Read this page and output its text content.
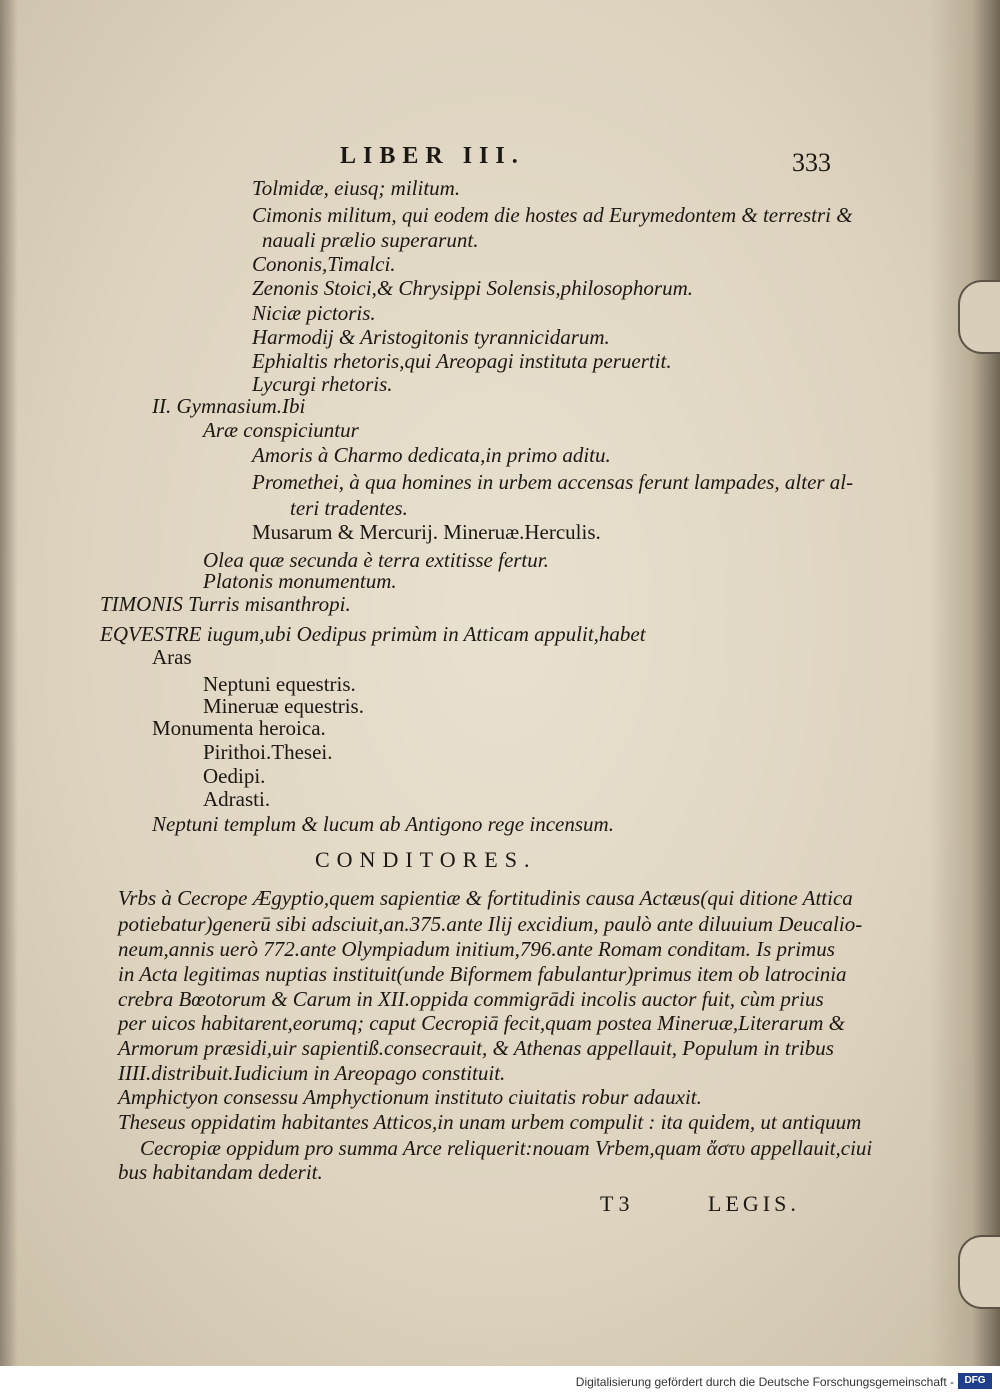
LIBER III.	333
Tolmidæ, eiusq; militum.
Cimonis militum, qui eodem die hostes ad Eurymedontem & terrestri &
nauali prælio superarunt.
Cononis,Timalci.
Zenonis Stoici,& Chrysippi Solensis,philosophorum.
Niciæ pictoris.
Harmodij & Aristogitonis tyrannicidarum.
Ephialtis rhetoris,qui Areopagi instituta peruertit.
Lycurgi rhetoris.
II. Gymnasium.Ibi
Aræ conspiciuntur
Amoris à Charmo dedicata,in primo aditu.
Promethei, à qua homines in urbem accensas ferunt lampades, alter al-
teri tradentes.
Musarum & Mercurij. Mineruæ.Herculis.
Olea quæ secunda è terra extitisse fertur.
Platonis monumentum.
TIMONIS Turris misanthropi.
EQVESTRE iugum,ubi Oedipus primùm in Atticam appulit,habet
Aras
Neptuni equestris.
Mineruæ equestris.
Monumenta heroica.
Pirithoi.Thesei.
Oedipi.
Adrasti.
Neptuni templum & lucum ab Antigono rege incensum.
Vrbs à Cecrope Ægyptio,quem sapientiæ & fortitudinis causa Actæus(qui ditione Attica
potiebatur)generū sibi adsciuit,an.375.ante Ilij excidium, paulò ante diluuium Deucalio-
neum,annis uerò 772.ante Olympiadum initium,796.ante Romam conditam. Is primus
in Acta legitimas nuptias instituit(unde Biformem fabulantur)primus item ob latrocinia
crebra Bœotorum & Carum in XII.oppida commigrādi incolis auctor fuit, cùm prius
per uicos habitarent,eorumq; caput Cecropiā fecit,quam postea Mineruæ,Literarum &
Armorum præsidi,uir sapientiß.consecrauit, & Athenas appellauit, Populum in tribus
IIII.distribuit.Iudicium in Areopago constituit.
Amphictyon consessu Amphyctionum instituto ciuitatis robur adauxit.
Theseus oppidatim habitantes Atticos,in unam urbem compulit : ita quidem, ut antiquum
Cecropiæ oppidum pro summa Arce reliquerit:nouam Vrbem,quam ἄστυ appellauit,ciui
bus habitandam dederit.
CONDITORES.
T 3	LEGIS.
Digitalisierung gefördert durch die Deutsche Forschungsgemeinschaft -	DFG
